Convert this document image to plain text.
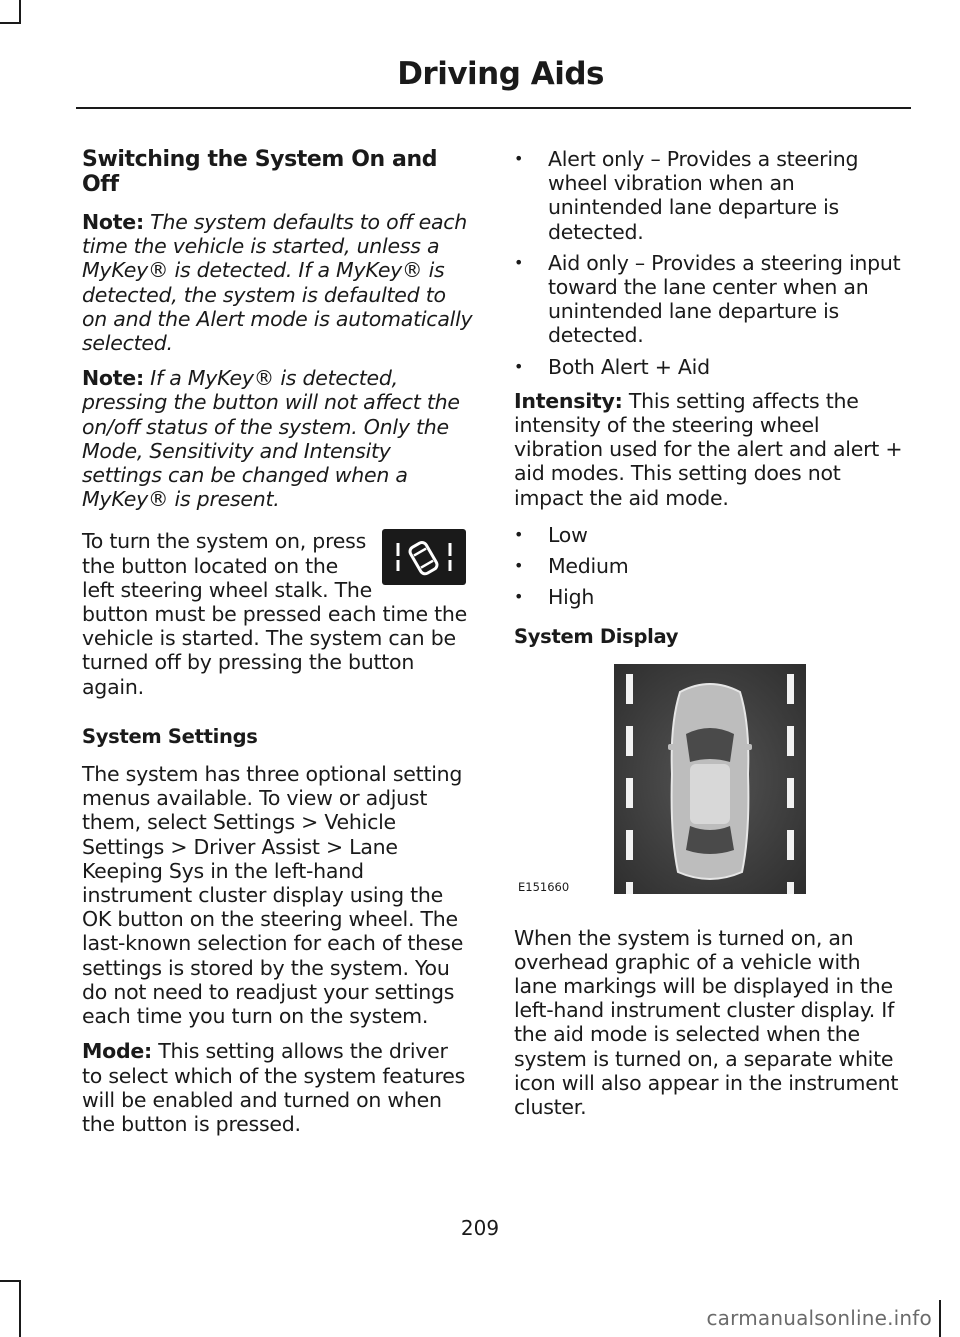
Driving Aids
Switching the System On and Off

Note: The system defaults to off each time the vehicle is started, unless a MyKey® is detected. If a MyKey® is detected, the system is defaulted to on and the Alert mode is automatically selected.

Note: If a MyKey® is detected, pressing the button will not affect the on/off status of the system. Only the Mode, Sensitivity and Intensity settings can be changed when a MyKey® is present.

To turn the system on, press the button located on the left steering wheel stalk. The button must be pressed each time the vehicle is started. The system can be turned off by pressing the button again.

System Settings

The system has three optional setting menus available. To view or adjust them, select Settings > Vehicle Settings > Driver Assist > Lane Keeping Sys in the left-hand instrument cluster display using the OK button on the steering wheel. The last-known selection for each of these settings is stored by the system. You do not need to readjust your settings each time you turn on the system.

Mode: This setting allows the driver to select which of the system features will be enabled and turned on when the button is pressed.

• Alert only – Provides a steering wheel vibration when an unintended lane departure is detected.
• Aid only – Provides a steering input toward the lane center when an unintended lane departure is detected.
• Both Alert + Aid

Intensity: This setting affects the intensity of the steering wheel vibration used for the alert and alert + aid modes. This setting does not impact the aid mode.

• Low
• Medium
• High
System Display
E151660

When the system is turned on, an overhead graphic of a vehicle with lane markings will be displayed in the left-hand instrument cluster display. If the aid mode is selected when the system is turned on, a separate white icon will also appear in the instrument cluster.

209
carmanualsonline.info
